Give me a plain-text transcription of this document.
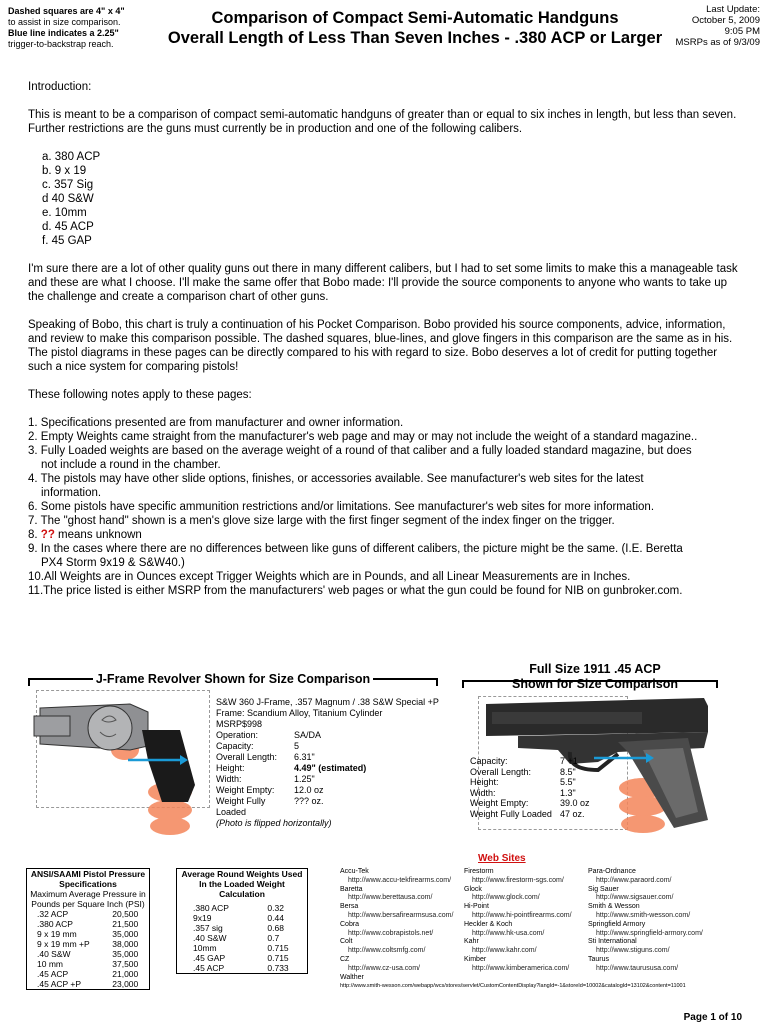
Dashed squares are 4" x 4"
to assist in size comparison.
Blue line indicates a 2.25"
trigger-to-backstrap reach.
Comparison of Compact Semi-Automatic Handguns
Overall Length of Less Than Seven Inches - .380 ACP or Larger
Last Update:
October 5, 2009
9:05 PM
MSRPs as of 9/3/09

Introduction:

This is meant to be a comparison of compact semi-automatic handguns of greater than or equal to six inches in length, but less than seven. Further restrictions are the guns must currently be in production and one of the following calibers.

a. 380 ACP
b. 9 x 19
c. 357 Sig
d 40 S&W
e. 10mm
d. 45 ACP
f. 45 GAP

I'm sure there are a lot of other quality guns out there in many different calibers, but I had to set some limits to make this a manageable task and these are what I choose. I'll make the same offer that Bobo made: I'll provide the source components to anyone who wants to take up the challenge and create a comparison chart of other guns.

Speaking of Bobo, this chart is truly a continuation of his Pocket Comparison. Bobo provided his source components, advice, information, and review to make this comparison possible. The dashed squares, blue-lines, and glove fingers in this comparison are the same as in his. The pistol diagrams in these pages can be directly compared to his with regard to size. Bobo deserves a lot of credit for putting together such a nice system for comparing pistols!

These following notes apply to these pages:

1. Specifications presented are from manufacturer and owner information.
2. Empty Weights came straight from the manufacturer's web page and may or may not include the weight of a standard magazine..
3. Fully Loaded weights are based on the average weight of a round of that caliber and a fully loaded standard magazine, but does
not include a round in the chamber.
4. The pistols may have other slide options, finishes, or accessories available. See manufacturer's web sites for the latest
information.
6. Some pistols have specific ammunition restrictions and/or limitations. See manufacturer's web sites for more information.
7. The "ghost hand" shown is a men's glove size large with the first finger segment of the index finger on the trigger.
8. ?? means unknown
9. In the cases where there are no differences between like guns of different calibers, the picture might be the same. (I.E. Beretta
PX4 Storm 9x19 & S&W40.)
10.All Weights are in Ounces except Trigger Weights which are in Pounds, and all Linear Measurements are in Inches.
11.The price listed is either MSRP from the manufacturers' web pages or what the gun could be found for NIB on gunbroker.com.
J-Frame Revolver Shown for Size Comparison
S&W 360 J-Frame, .357 Magnum / .38 S&W Special +P
Frame: Scandium Alloy, Titanium Cylinder
MSRP$998
Operation:	SA/DA
Capacity:	5
Overall Length:	6.31"
Height:	4.49" (estimated)
Width:	1.25"
Weight Empty:	12.0 oz
Weight Fully Loaded
??? oz.
(Photo is flipped horizontally)
Full Size 1911 .45 ACP
Shown for Size Comparison
Capacity:	7 +1
Overall Length:	8.5"
Height:	5.5"
Width:	1.3"
Weight Empty:	39.0 oz
Weight Fully Loaded 47 oz.
ANSI/SAAMI Pistol Pressure	
Specifications	
Maximum Average Pressure in	
Pounds per Square Inch (PSI)	
.32 ACP	20,500
.380 ACP	21,500
9 x 19 mm	35,000
9 x 19 mm +P	38,000
.40 S&W	35,000
10 mm	37,500
.45 ACP	21,000
.45 ACP +P	23,000
Average Round Weights Used	
In the Loaded Weight	
Calculation	

.380 ACP	0.32
9x19	0.44
.357 sig	0.68
.40 S&W	0.7
10mm	0.715
.45 GAP	0.715
.45 ACP	0.733
Web Sites
Accu-Tek
http://www.accu-tekfirearms.com/
Firestorm
http://www.firestorm-sgs.com/
Para-Ordnance
http://www.paraord.com/
Baretta
http://www.berettausa.com/
Glock
http://www.glock.com/
Sig Sauer
http://www.sigsauer.com/
Bersa
http://www.bersafirearmsusa.com/
Hi-Point
http://www.hi-pointfirearms.com/
Smith & Wesson
http://www.smith-wesson.com/
Cobra
http://www.cobrapistols.net/
Heckler & Koch
http://www.hk-usa.com/
Springfield Armory
http://www.springfield-armory.com/
Colt
http://www.coltsmfg.com/
Kahr
http://www.kahr.com/
Sti International
http://www.stiguns.com/
CZ
http://www.cz-usa.com/
Kimber
http://www.kimberamerica.com/
Taurus
http://www.taurususa.com/
Walther
http://www.smith-wesson.com/webapp/wcs/stores/servlet/CustomContentDisplay?langId=-1&storeId=10002&catalogId=13102&content=11001
Page 1 of 10
